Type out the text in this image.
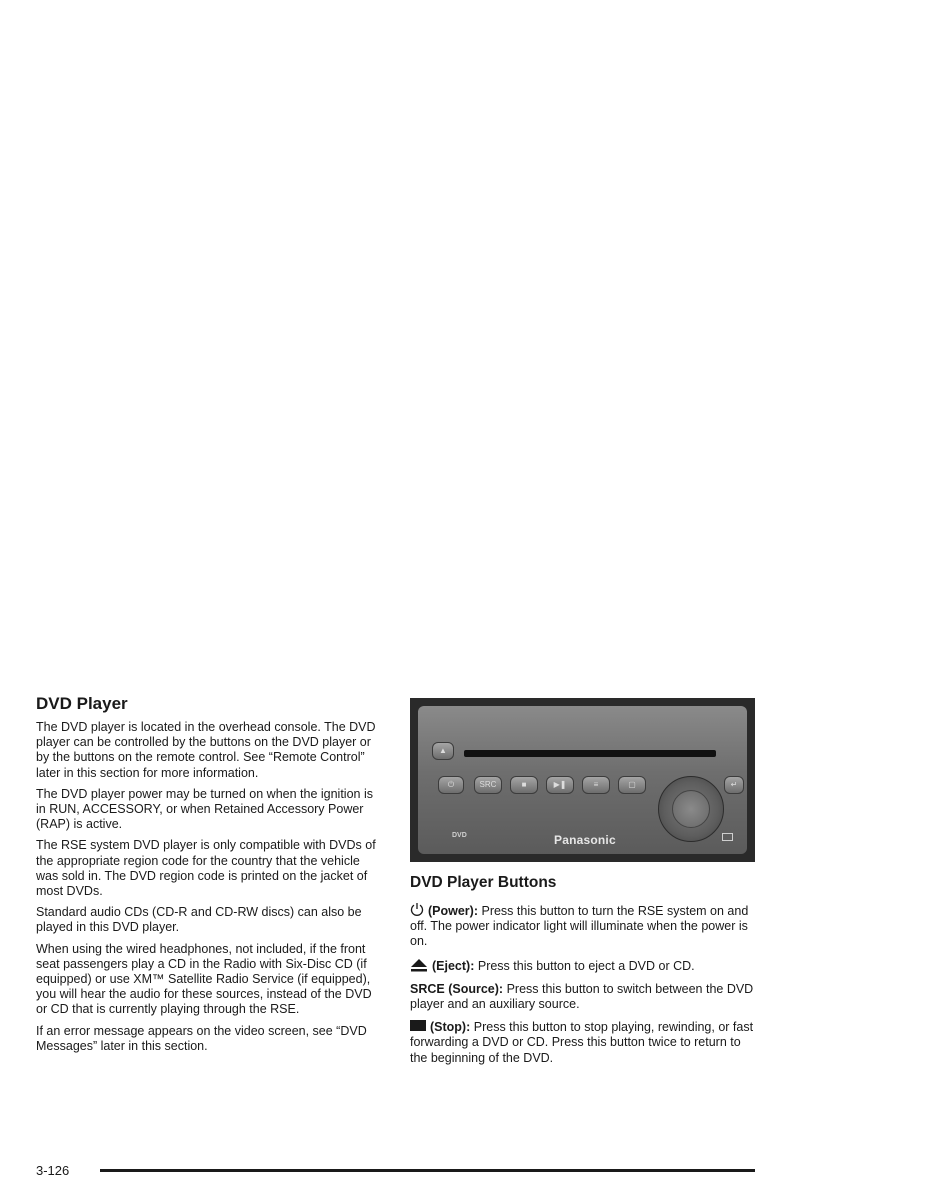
DVD Player

The DVD player is located in the overhead console. The DVD player can be controlled by the buttons on the DVD player or by the buttons on the remote control. See “Remote Control” later in this section for more information.

The DVD player power may be turned on when the ignition is in RUN, ACCESSORY, or when Retained Accessory Power (RAP) is active.

The RSE system DVD player is only compatible with DVDs of the appropriate region code for the country that the vehicle was sold in. The DVD region code is printed on the jacket of most DVDs.

Standard audio CDs (CD-R and CD-RW discs) can also be played in this DVD player.

When using the wired headphones, not included, if the front seat passengers play a CD in the Radio with Six-Disc CD (if equipped) or use XM™ Satellite Radio Service (if equipped), you will hear the audio for these sources, instead of the DVD or CD that is currently playing through the RSE.

If an error message appears on the video screen, see “DVD Messages” later in this section.

▲
⏻	SRC	■	▶❚	≡	▢	↵
DVD	Panasonic

DVD Player Buttons

(Power): Press this button to turn the RSE system on and off. The power indicator light will illuminate when the power is on.

(Eject): Press this button to eject a DVD or CD.

SRCE (Source): Press this button to switch between the DVD player and an auxiliary source.

(Stop): Press this button to stop playing, rewinding, or fast forwarding a DVD or CD. Press this button twice to return to the beginning of the DVD.

3-126
